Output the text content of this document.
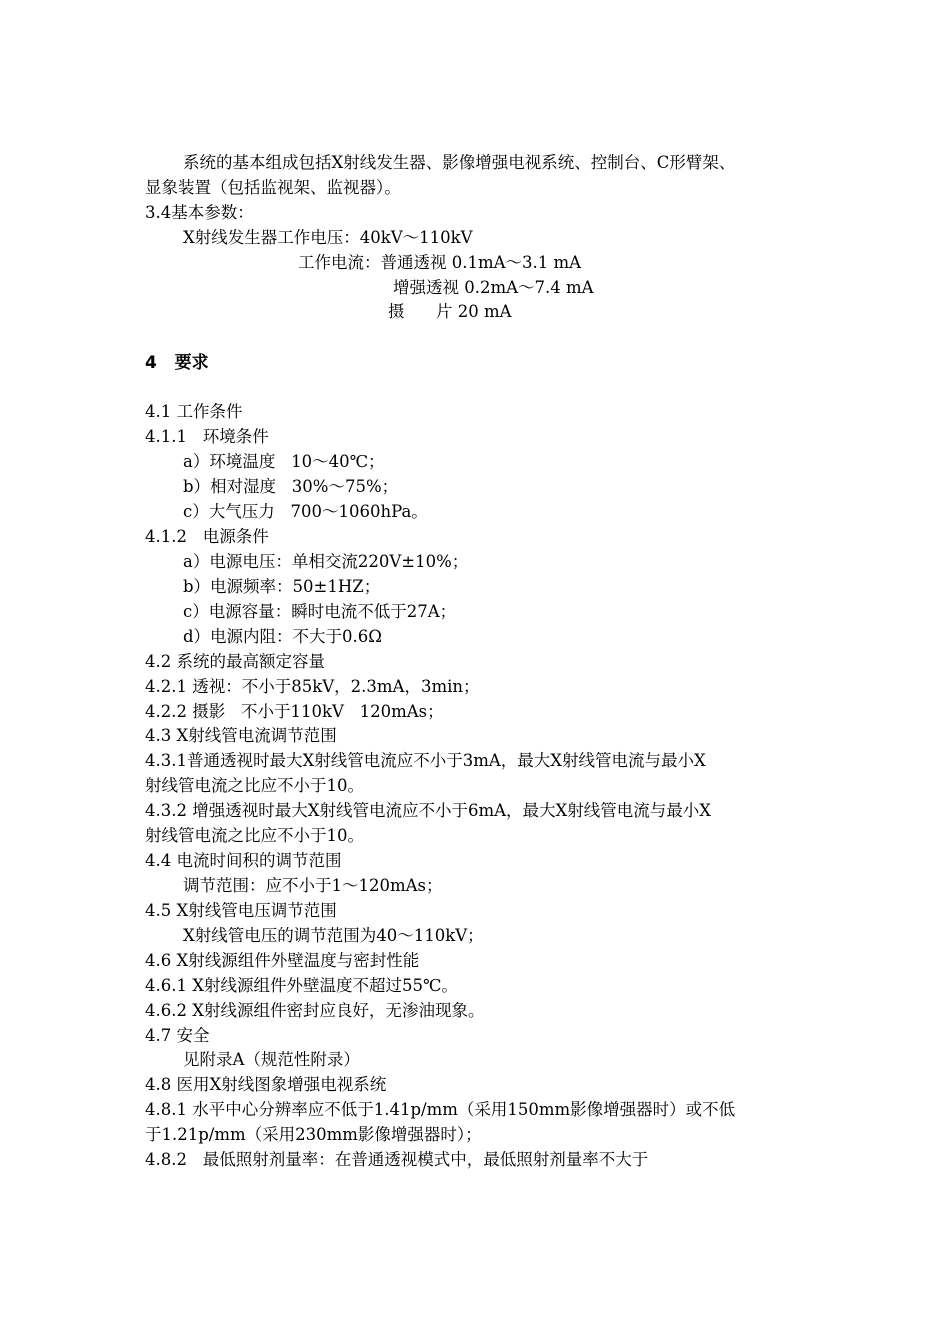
系统的基本组成包括X射线发生器、影像增强电视系统、控制台、C形臂架、
显象装置（包括监视架、监视器）。
3.4基本参数：
X射线发生器工作电压：40kV～110kV
工作电流：普通透视 0.1mA～3.1 mA
增强透视 0.2mA～7.4 mA
摄      片 20 mA
4   要求
4.1 工作条件
4.1.1   环境条件
a）环境温度   10～40℃；
b）相对湿度   30%～75%；
c）大气压力   700～1060hPa。
4.1.2   电源条件
a）电源电压：单相交流220V±10%；
b）电源频率：50±1HZ；
c）电源容量：瞬时电流不低于27A；
d）电源内阻：不大于0.6Ω
4.2 系统的最高额定容量
4.2.1 透视：不小于85kV，2.3mA，3min；
4.2.2 摄影   不小于110kV   120mAs；
4.3 X射线管电流调节范围
4.3.1普通透视时最大X射线管电流应不小于3mA，最大X射线管电流与最小X
射线管电流之比应不小于10。
4.3.2 增强透视时最大X射线管电流应不小于6mA，最大X射线管电流与最小X
射线管电流之比应不小于10。
4.4 电流时间积的调节范围
调节范围：应不小于1～120mAs；
4.5 X射线管电压调节范围
X射线管电压的调节范围为40～110kV；
4.6 X射线源组件外壁温度与密封性能
4.6.1 X射线源组件外壁温度不超过55℃。
4.6.2 X射线源组件密封应良好，无渗油现象。
4.7 安全
见附录A（规范性附录）
4.8 医用X射线图象增强电视系统
4.8.1 水平中心分辨率应不低于1.41p/mm（采用150mm影像增强器时）或不低
于1.21p/mm（采用230mm影像增强器时）；
4.8.2   最低照射剂量率：在普通透视模式中，最低照射剂量率不大于
